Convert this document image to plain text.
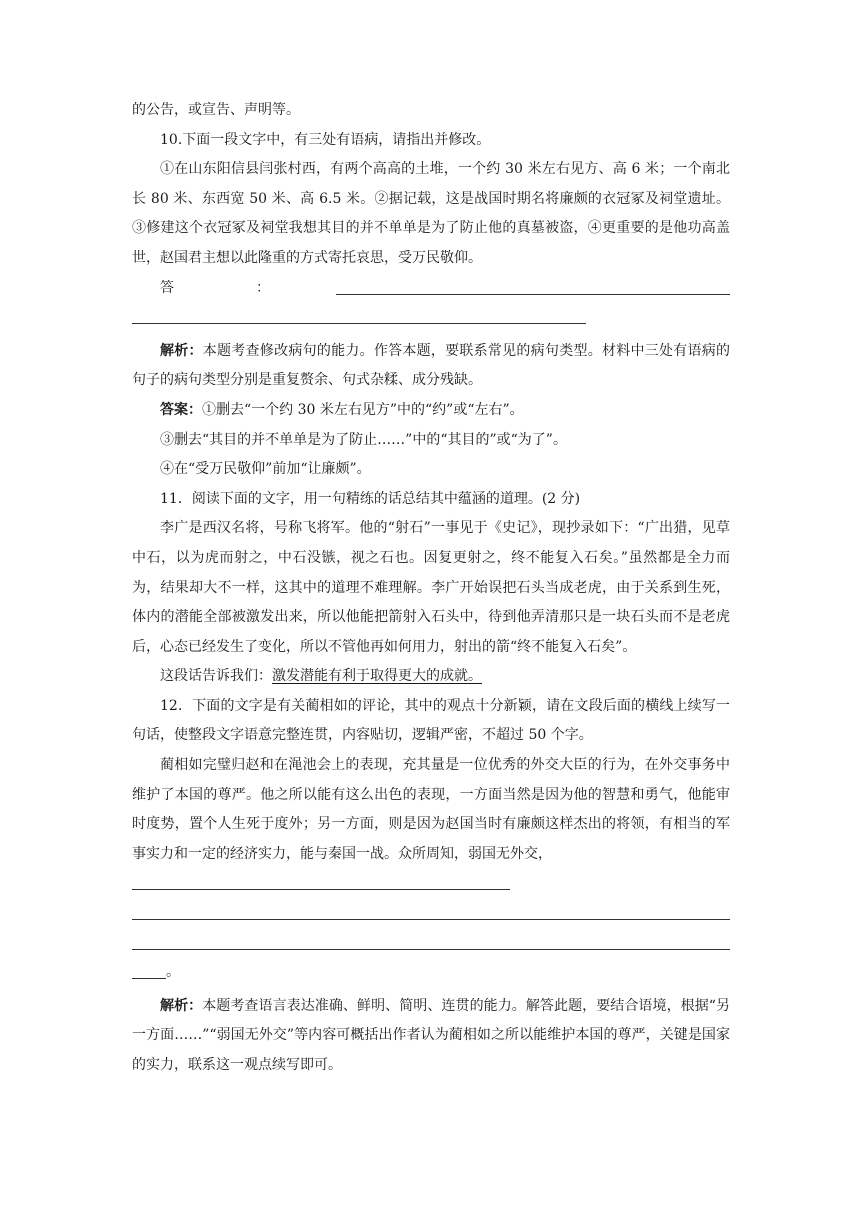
的公告，或宣告、声明等。

10.下面一段文字中，有三处有语病，请指出并修改。

①在山东阳信县闫张村西，有两个高高的土堆，一个约 30 米左右见方、高 6 米；一个南北长 80 米、东西宽 50 米、高 6.5 米。②据记载，这是战国时期名将廉颇的衣冠冢及祠堂遗址。③修建这个衣冠冢及祠堂我想其目的并不单单是为了防止他的真墓被盗，④更重要的是他功高盖世，赵国君主想以此隆重的方式寄托哀思，受万民敬仰。

答	：

解析：本题考查修改病句的能力。作答本题，要联系常见的病句类型。材料中三处有语病的句子的病句类型分别是重复赘余、句式杂糅、成分残缺。

答案：①删去“一个约 30 米左右见方”中的“约”或“左右”。

③删去“其目的并不单单是为了防止……”中的“其目的”或“为了”。

④在“受万民敬仰”前加“让廉颇”。

11．阅读下面的文字，用一句精练的话总结其中蕴涵的道理。(2 分)

李广是西汉名将，号称飞将军。他的“射石”一事见于《史记》，现抄录如下：“广出猎，见草中石，以为虎而射之，中石没镞，视之石也。因复更射之，终不能复入石矣。”虽然都是全力而为，结果却大不一样，这其中的道理不难理解。李广开始误把石头当成老虎，由于关系到生死，体内的潜能全部被激发出来，所以他能把箭射入石头中，待到他弄清那只是一块石头而不是老虎后，心态已经发生了变化，所以不管他再如何用力，射出的箭“终不能复入石矣”。

这段话告诉我们：激发潜能有利于取得更大的成就。

12．下面的文字是有关蔺相如的评论，其中的观点十分新颖，请在文段后面的横线上续写一句话，使整段文字语意完整连贯，内容贴切，逻辑严密，不超过 50 个字。

蔺相如完璧归赵和在渑池会上的表现，充其量是一位优秀的外交大臣的行为，在外交事务中维护了本国的尊严。他之所以能有这么出色的表现，一方面当然是因为他的智慧和勇气，他能审时度势，置个人生死于度外；另一方面，则是因为赵国当时有廉颇这样杰出的将领，有相当的军事实力和一定的经济实力，能与秦国一战。众所周知，弱国无外交，

。

解析：本题考查语言表达准确、鲜明、简明、连贯的能力。解答此题，要结合语境，根据“另一方面……”“弱国无外交”等内容可概括出作者认为蔺相如之所以能维护本国的尊严，关键是国家的实力，联系这一观点续写即可。
